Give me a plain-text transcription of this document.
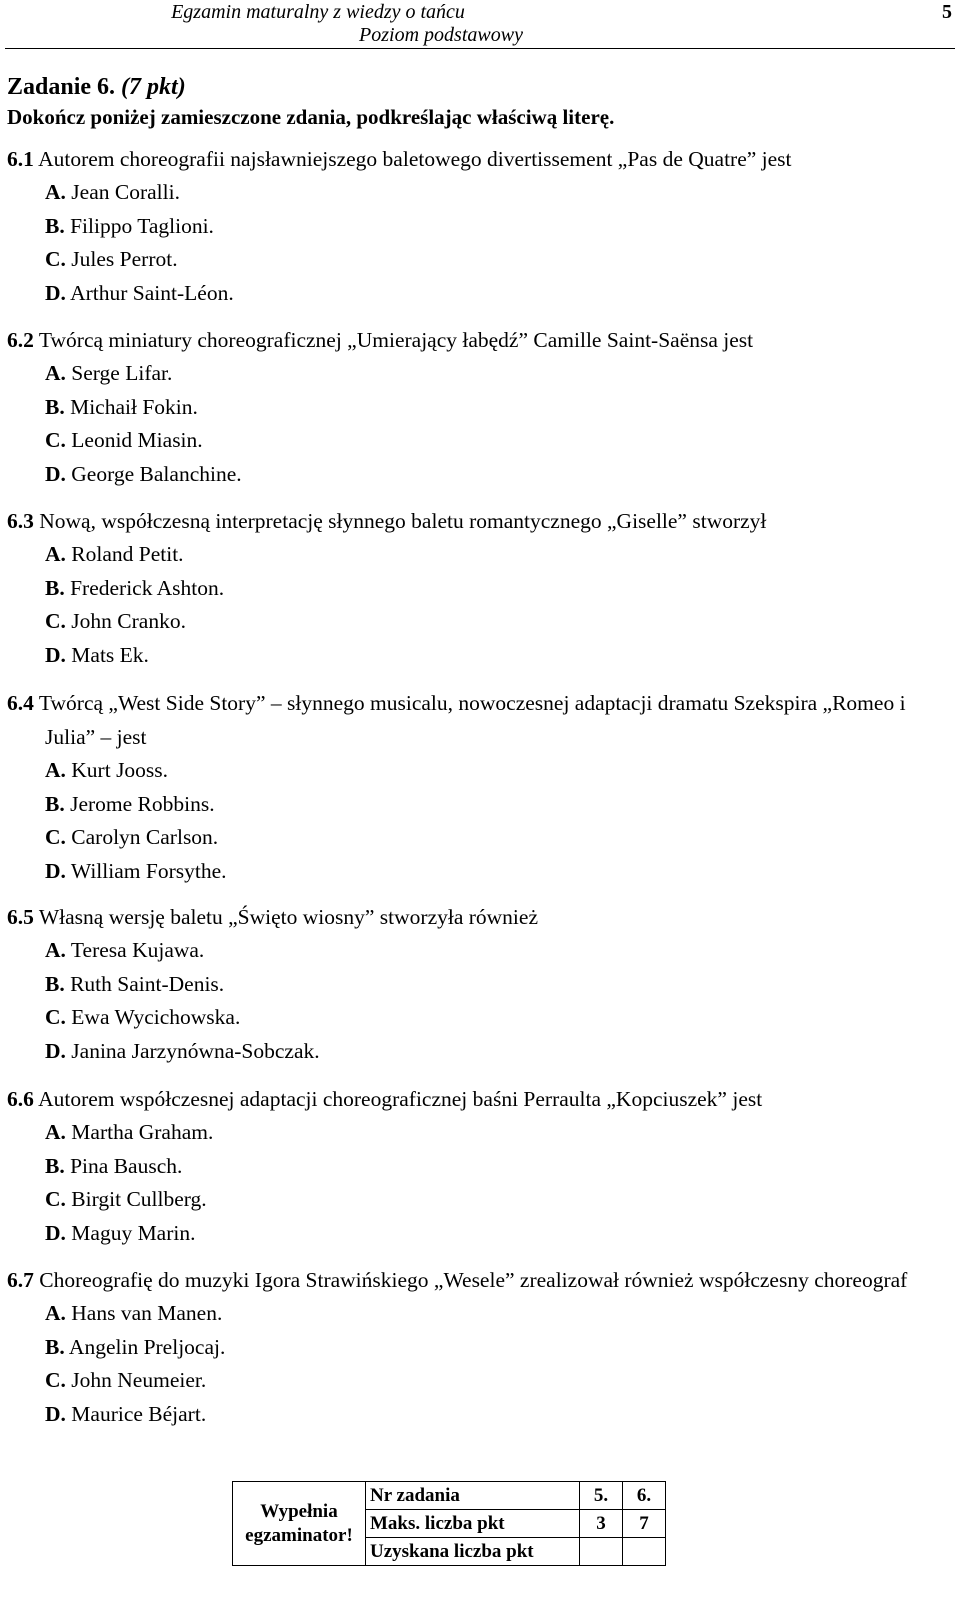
Egzamin maturalny z wiedzy o tańcu
Poziom podstawowy
5
Zadanie 6. (7 pkt)
Dokończ poniżej zamieszczone zdania, podkreślając właściwą literę.
6.1 Autorem choreografii najsławniejszego baletowego divertissement „Pas de Quatre” jest
A. Jean Coralli.
B. Filippo Taglioni.
C. Jules Perrot.
D. Arthur Saint-Léon.
6.2 Twórcą miniatury choreograficznej „Umierający łabędź” Camille Saint-Saënsa jest
A. Serge Lifar.
B. Michaił Fokin.
C. Leonid Miasin.
D. George Balanchine.
6.3 Nową, współczesną interpretację słynnego baletu romantycznego „Giselle” stworzył
A. Roland Petit.
B. Frederick Ashton.
C. John Cranko.
D. Mats Ek.
6.4 Twórcą „West Side Story” – słynnego musicalu, nowoczesnej adaptacji dramatu Szekspira „Romeo i Julia” – jest
A. Kurt Jooss.
B. Jerome Robbins.
C. Carolyn Carlson.
D. William Forsythe.
6.5 Własną wersję baletu „Święto wiosny” stworzyła również
A. Teresa Kujawa.
B. Ruth Saint-Denis.
C. Ewa Wycichowska.
D. Janina Jarzynówna-Sobczak.
6.6 Autorem współczesnej adaptacji choreograficznej baśni Perraulta „Kopciuszek” jest
A. Martha Graham.
B. Pina Bausch.
C. Birgit Cullberg.
D. Maguy Marin.
6.7 Choreografię do muzyki Igora Strawińskiego „Wesele” zrealizował również współczesny choreograf
A. Hans van Manen.
B. Angelin Preljocaj.
C. John Neumeier.
D. Maurice Béjart.
Wypełnia egzaminator!	Nr zadania	5.	6.
	Maks. liczba pkt	3	7
	Uzyskana liczba pkt		
